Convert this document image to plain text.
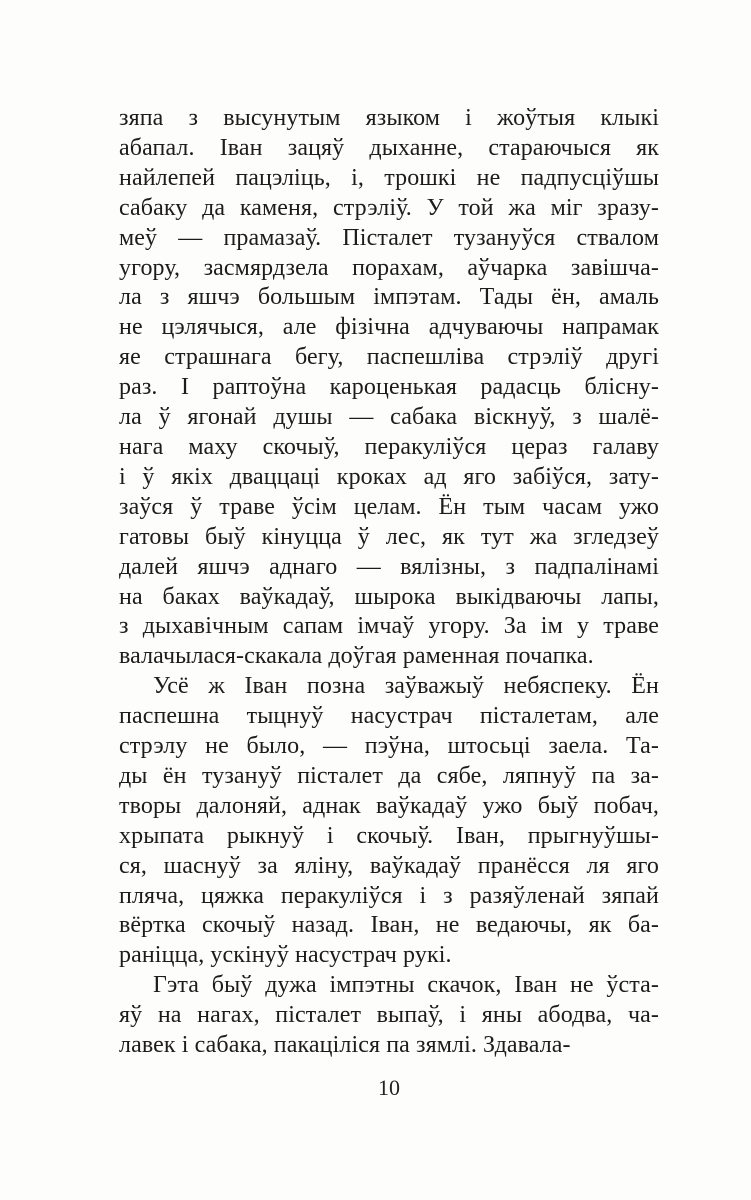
зяпа з высунутым языком і жоўтыя клыкі
абапал. Іван зацяў дыханне, стараючыся як
найлепей пацэліць, і, трошкі не падпусціўшы
сабаку да каменя, стрэліў. У той жа міг зразу-
меў — прамазаў. Пісталет тузануўся ствалом
угору, засмярдзела порахам, аўчарка завішча-
ла з яшчэ большым імпэтам. Тады ён, амаль
не цэлячыся, але фізічна адчуваючы напрамак
яе страшнага бегу, паспешліва стрэліў другі
раз. І раптоўна кароценькая радасць блісну-
ла ў ягонай душы — сабака віскнуў, з шалё-
нага маху скочыў, перакуліўся цераз галаву
і ў якіх дваццаці кроках ад яго забіўся, зату-
заўся ў траве ўсім целам. Ён тым часам ужо
гатовы быў кінуцца ў лес, як тут жа згледзеў
далей яшчэ аднаго — вялізны, з падпалінамі
на баках ваўкадаў, шырока выкідваючы лапы,
з дыхавічным сапам імчаў угору. За ім у траве
валачылася-скакала доўгая раменная почапка.
Усё ж Іван позна заўважыў небяспеку. Ён
паспешна тыцнуў насустрач пісталетам, але
стрэлу не было, — пэўна, штосьці заела. Та-
ды ён тузануў пісталет да сябе, ляпнуў па за-
творы далоняй, аднак ваўкадаў ужо быў побач,
хрыпата рыкнуў і скочыў. Іван, прыгнуўшы-
ся, шаснуў за яліну, ваўкадаў пранёсся ля яго
пляча, цяжка перакуліўся і з разяўленай зяпай
вёртка скочыў назад. Іван, не ведаючы, як ба-
раніцца, ускінуў насустрач рукі.
Гэта быў дужа імпэтны скачок, Іван не ўста-
яў на нагах, пісталет выпаў, і яны абодва, ча-
лавек і сабака, пакаціліся па зямлі. Здавала-
10
